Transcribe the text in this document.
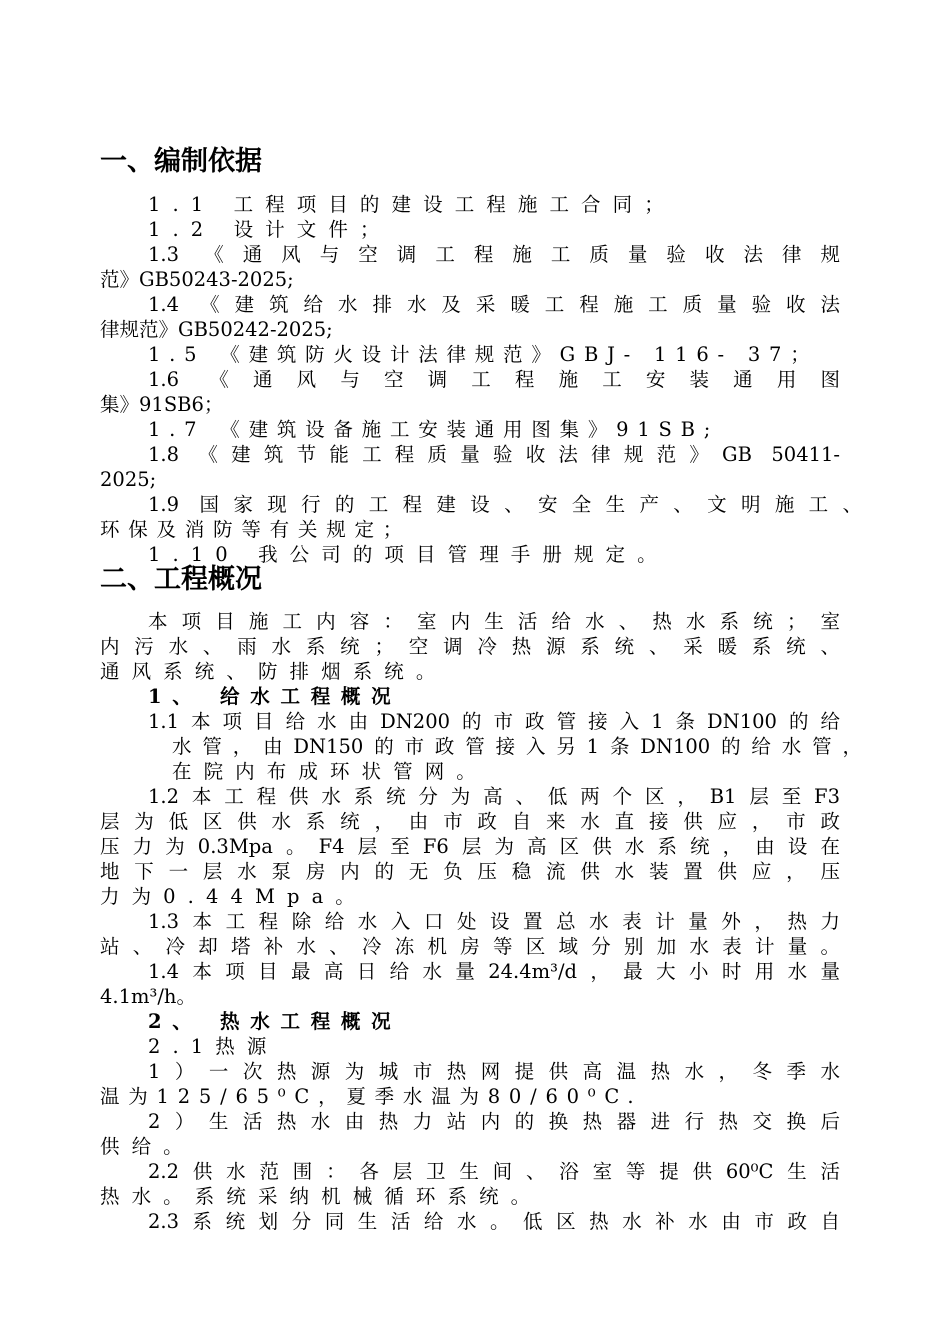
一、编制依据
1.1 工程项目的建设工程施工合同；
1.2 设计文件；
1.3 《通风与空调工程施工质量验收法律规
范》GB50243-2025;
1.4 《建筑给水排水及采暖工程施工质量验收法
律规范》GB50242-2025;
1.5 《建筑防火设计法律规范》GBJ- 116- 37；
1.6 《通风与空调工程施工安装通用图
集》91SB6；
1.7 《建筑设备施工安装通用图集》91SB;
1.8 《建筑节能工程质量验收法律规范》GB 50411-
2025;
1.9 国家现行的工程建设、安全生产、文明施工、
环保及消防等有关规定；
1.10 我公司的项目管理手册规定。
二、工程概况
本项目施工内容：室内生活给水、热水系统；室
内污水、雨水系统；空调冷热源系统、采暖系统、
通风系统、防排烟系统。
1、 给水工程概况
1.1本项目给水由DN200的市政管接入1条DN100的给
水管，由DN150的市政管接入另1条DN100的给水管，
在院内布成环状管网。
1.2本工程供水系统分为高、低两个区，B1层至F3
层为低区供水系统，由市政自来水直接供应，市政
压力为0.3Mpa。F4层至F6层为高区供水系统，由设在
地下一层水泵房内的无负压稳流供水装置供应，压
力为0.44Mpa。
1.3本工程除给水入口处设置总水表计量外，热力
站、冷却塔补水、冷冻机房等区域分别加水表计量。
1.4本项目最高日给水量24.4m³/d，最大小时用水量
4.1m³/h。
2、 热水工程概况
2.1热源
1）一次热源为城市热网提供高温热水，冬季水
温为125/65⁰C，夏季水温为80/60⁰C.
2）生活热水由热力站内的换热器进行热交换后
供给。
2.2供水范围：各层卫生间、浴室等提供60⁰C生活
热水。系统采纳机械循环系统。
2.3系统划分同生活给水。低区热水补水由市政自
